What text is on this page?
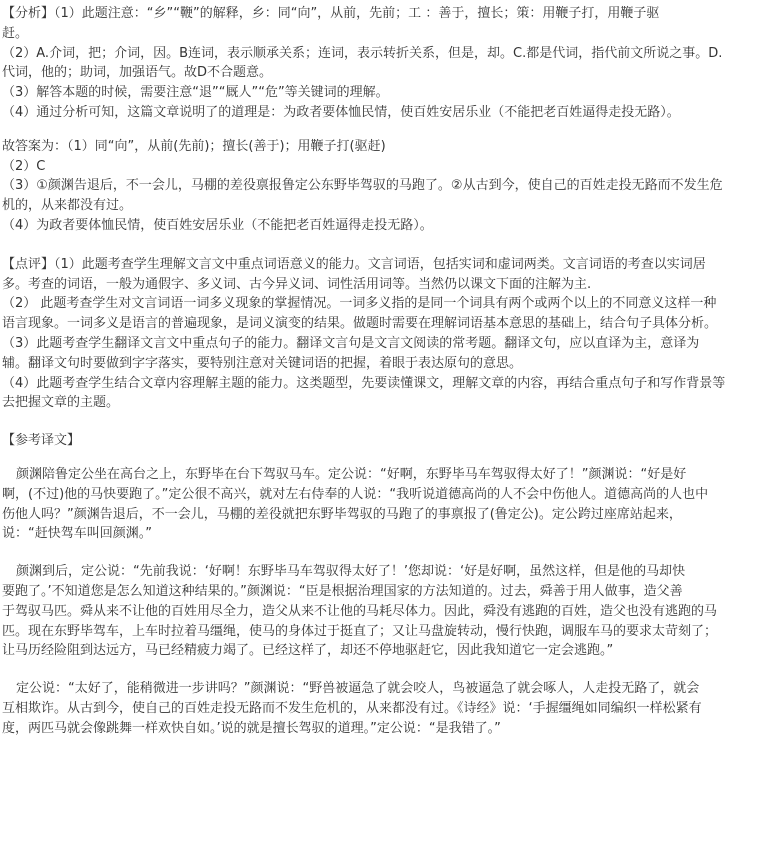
【分析】（1）此题注意：“乡”“鞭”的解释，乡：同“向”，从前，先前；工 ：善于，擅长；策：用鞭子打，用鞭子驱

赶。

（2）A.介词，把；介词，因。B连词，表示顺承关系；连词，表示转折关系，但是，却。C.都是代词，指代前文所说之事。D.

代词，他的；助词，加强语气。故D不合题意。

（3）解答本题的时候，需要注意“退”“厩人”“危”等关键词的理解。

（4）通过分析可知，这篇文章说明了的道理是：为政者要体恤民情，使百姓安居乐业（不能把老百姓逼得走投无路）。

故答案为：（1）同“向”，从前(先前)；擅长(善于)；用鞭子打(驱赶)

（2）C

（3）①颜渊告退后，不一会儿，马棚的差役禀报鲁定公东野毕驾驭的马跑了。②从古到今，使自己的百姓走投无路而不发生危

机的，从来都没有过。

（4）为政者要体恤民情，使百姓安居乐业（不能把老百姓逼得走投无路）。

【点评】（1）此题考查学生理解文言文中重点词语意义的能力。文言词语，包括实词和虚词两类。文言词语的考查以实词居

多。考查的词语，一般为通假字、多义词、古今异义词、词性活用词等。当然仍以课文下面的注解为主.

（2） 此题考查学生对文言词语一词多义现象的掌握情况。一词多义指的是同一个词具有两个或两个以上的不同意义这样一种

语言现象。一词多义是语言的普遍现象，是词义演变的结果。做题时需要在理解词语基本意思的基础上，结合句子具体分析。

（3）此题考查学生翻译文言文中重点句子的能力。翻译文言句是文言文阅读的常考题。翻译文句，应以直译为主，意译为

辅。翻译文句时要做到字字落实，要特别注意对关键词语的把握，着眼于表达原句的意思。

（4）此题考查学生结合文章内容理解主题的能力。这类题型，先要读懂课文，理解文章的内容，再结合重点句子和写作背景等

去把握文章的主题。

【参考译文】

颜渊陪鲁定公坐在高台之上，东野毕在台下驾驭马车。定公说：“好啊，东野毕马车驾驭得太好了！”颜渊说：“好是好

啊，(不过)他的马快要跑了。”定公很不高兴，就对左右侍奉的人说：“我听说道德高尚的人不会中伤他人。道德高尚的人也中

伤他人吗？”颜渊告退后，不一会儿，马棚的差役就把东野毕驾驭的马跑了的事禀报了(鲁定公)。定公跨过座席站起来，

说：“赶快驾车叫回颜渊。”

颜渊到后，定公说：“先前我说：‘好啊！东野毕马车驾驭得太好了！’您却说：‘好是好啊，虽然这样，但是他的马却快

要跑了。’不知道您是怎么知道这种结果的。”颜渊说：“臣是根据治理国家的方法知道的。过去，舜善于用人做事，造父善

于驾驭马匹。舜从来不让他的百姓用尽全力，造父从来不让他的马耗尽体力。因此，舜没有逃跑的百姓，造父也没有逃跑的马

匹。现在东野毕驾车，上车时拉着马缰绳，使马的身体过于挺直了；又让马盘旋转动，慢行快跑，调服车马的要求太苛刻了；

让马历经险阻到达远方，马已经精疲力竭了。已经这样了，却还不停地驱赶它，因此我知道它一定会逃跑。”

定公说：“太好了，能稍微进一步讲吗？”颜渊说：“野兽被逼急了就会咬人，鸟被逼急了就会啄人，人走投无路了，就会

互相欺诈。从古到今，使自己的百姓走投无路而不发生危机的，从来都没有过。《诗经》说：‘手握缰绳如同编织一样松紧有

度，两匹马就会像跳舞一样欢快自如。’说的就是擅长驾驭的道理。”定公说：“是我错了。”
